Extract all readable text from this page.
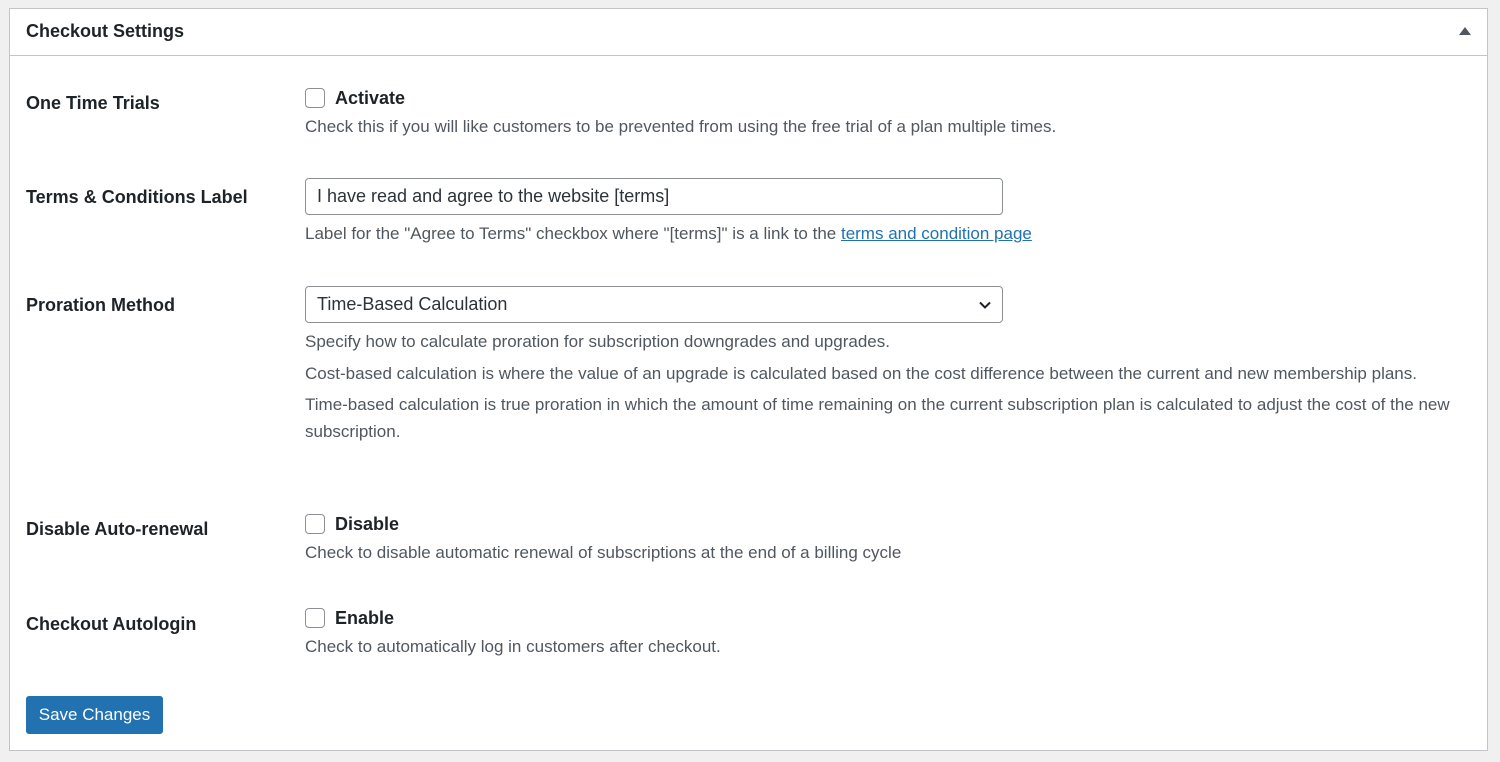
Checkout Settings
One Time Trials	Activate

Check this if you will like customers to be prevented from using the free trial of a plan multiple times.

Terms & Conditions Label
I have read and agree to the website [terms]

Label for the "Agree to Terms" checkbox where "[terms]" is a link to the terms and condition page

Proration Method	Time-Based Calculation

Specify how to calculate proration for subscription downgrades and upgrades.

Cost-based calculation is where the value of an upgrade is calculated based on the cost difference between the current and new membership plans.

Time-based calculation is true proration in which the amount of time remaining on the current subscription plan is calculated to adjust the cost of the new subscription.

Disable Auto-renewal	Disable

Check to disable automatic renewal of subscriptions at the end of a billing cycle

Checkout Autologin	Enable

Check to automatically log in customers after checkout.

Save Changes
